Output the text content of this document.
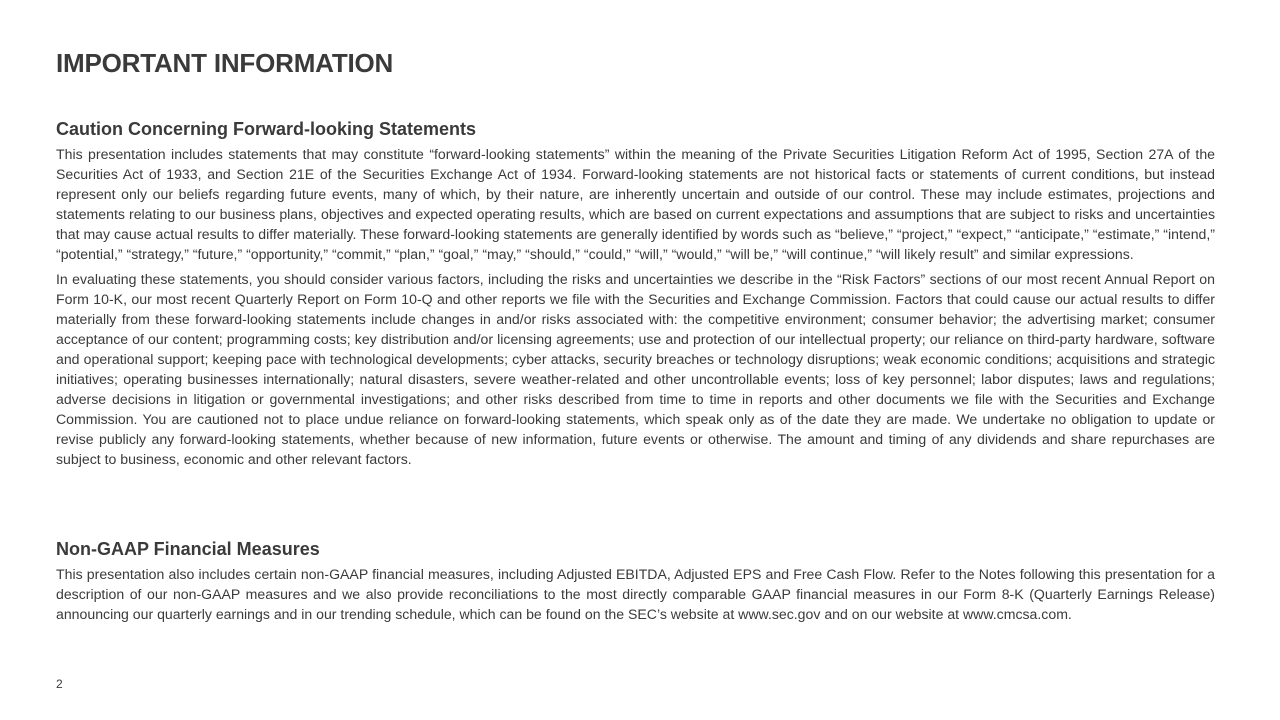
IMPORTANT INFORMATION
Caution Concerning Forward-looking Statements

This presentation includes statements that may constitute “forward-looking statements” within the meaning of the Private Securities Litigation Reform Act of 1995, Section 27A of the Securities Act of 1933, and Section 21E of the Securities Exchange Act of 1934. Forward-looking statements are not historical facts or statements of current conditions, but instead represent only our beliefs regarding future events, many of which, by their nature, are inherently uncertain and outside of our control. These may include estimates, projections and statements relating to our business plans, objectives and expected operating results, which are based on current expectations and assumptions that are subject to risks and uncertainties that may cause actual results to differ materially. These forward-looking statements are generally identified by words such as “believe,” “project,” “expect,” “anticipate,” “estimate,” “intend,” “potential,” “strategy,” “future,” “opportunity,” “commit,” “plan,” “goal,” “may,” “should,” “could,” “will,” “would,” “will be,” “will continue,” “will likely result” and similar expressions.

In evaluating these statements, you should consider various factors, including the risks and uncertainties we describe in the “Risk Factors” sections of our most recent Annual Report on Form 10-K, our most recent Quarterly Report on Form 10-Q and other reports we file with the Securities and Exchange Commission. Factors that could cause our actual results to differ materially from these forward-looking statements include changes in and/or risks associated with: the competitive environment; consumer behavior; the advertising market; consumer acceptance of our content; programming costs; key distribution and/or licensing agreements; use and protection of our intellectual property; our reliance on third-party hardware, software and operational support; keeping pace with technological developments; cyber attacks, security breaches or technology disruptions; weak economic conditions; acquisitions and strategic initiatives; operating businesses internationally; natural disasters, severe weather-related and other uncontrollable events; loss of key personnel; labor disputes; laws and regulations; adverse decisions in litigation or governmental investigations; and other risks described from time to time in reports and other documents we file with the Securities and Exchange Commission. You are cautioned not to place undue reliance on forward-looking statements, which speak only as of the date they are made. We undertake no obligation to update or revise publicly any forward-looking statements, whether because of new information, future events or otherwise. The amount and timing of any dividends and share repurchases are subject to business, economic and other relevant factors.

Non-GAAP Financial Measures

This presentation also includes certain non-GAAP financial measures, including Adjusted EBITDA, Adjusted EPS and Free Cash Flow. Refer to the Notes following this presentation for a description of our non-GAAP measures and we also provide reconciliations to the most directly comparable GAAP financial measures in our Form 8-K (Quarterly Earnings Release) announcing our quarterly earnings and in our trending schedule, which can be found on the SEC’s website at www.sec.gov and on our website at www.cmcsa.com.

2
